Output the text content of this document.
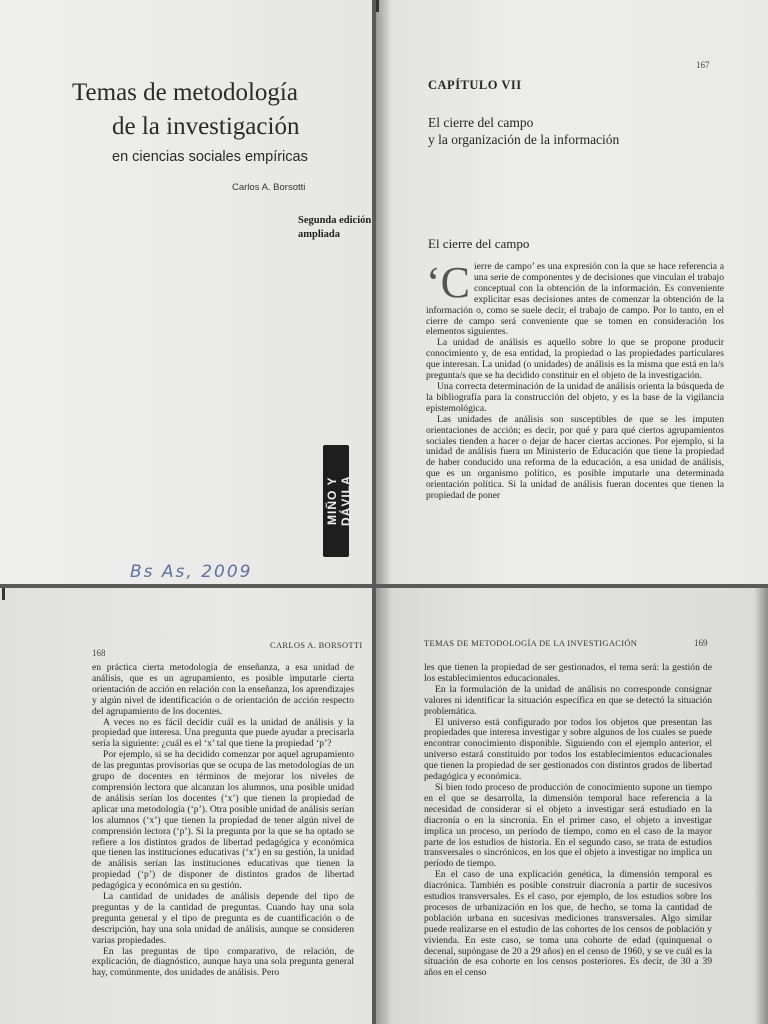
Temas de metodología
de la investigación
en ciencias sociales empíricas
Carlos A. Borsotti
Segunda edición
ampliada
MIÑO Y DÁVILA
Bs As, 2009
167
CAPÍTULO VII
El cierre del campo
y la organización de la información
El cierre del campo

‘Cierre de campo’ es una expresión con la que se hace referencia a una serie de componentes y de decisiones que vinculan el trabajo conceptual con la obtención de la información. Es conveniente explicitar esas decisiones antes de comenzar la obtención de la información o, como se suele decir, el trabajo de campo. Por lo tanto, en el cierre de campo será conveniente que se tomen en consideración los elementos siguientes.

La unidad de análisis es aquello sobre lo que se propone producir conocimiento y, de esa entidad, la propiedad o las propiedades particulares que interesan. La unidad (o unidades) de análisis es la misma que está en la/s pregunta/s que se ha decidido constituir en el objeto de la investigación.

Una correcta determinación de la unidad de análisis orienta la búsqueda de la bibliografía para la construcción del objeto, y es la base de la vigilancia epistemológica.

Las unidades de análisis son susceptibles de que se les imputen orientaciones de acción; es decir, por qué y para qué ciertos agrupamientos sociales tienden a hacer o dejar de hacer ciertas acciones. Por ejemplo, si la unidad de análisis fuera un Ministerio de Educación que tiene la propiedad de haber conducido una reforma de la educación, a esa unidad de análisis, que es un organismo político, es posible imputarle una determinada orientación política. Si la unidad de análisis fueran docentes que tienen la propiedad de poner

168
CARLOS A. BORSOTTI

en práctica cierta metodología de enseñanza, a esa unidad de análisis, que es un agrupamiento, es posible imputarle cierta orientación de acción en relación con la enseñanza, los aprendizajes y algún nivel de identificación o de orientación de acción respecto del agrupamiento de los docentes.

A veces no es fácil decidir cuál es la unidad de análisis y la propiedad que interesa. Una pregunta que puede ayudar a precisarla sería la siguiente: ¿cuál es el ‘x’ tal que tiene la propiedad ‘p’?

Por ejemplo, si se ha decidido comenzar por aquel agrupamiento de las preguntas provisorias que se ocupa de las metodologías de un grupo de docentes en términos de mejorar los niveles de comprensión lectora que alcanzan los alumnos, una posible unidad de análisis serían los docentes (‘x’) que tienen la propiedad de aplicar una metodología (‘p’). Otra posible unidad de análisis serían los alumnos (‘x’) que tienen la propiedad de tener algún nivel de comprensión lectora (‘p’). Si la pregunta por la que se ha optado se refiere a los distintos grados de libertad pedagógica y económica que tienen las instituciones educativas (‘x’) en su gestión, la unidad de análisis serían las instituciones educativas que tienen la propiedad (‘p’) de disponer de distintos grados de libertad pedagógica y económica en su gestión.

La cantidad de unidades de análisis depende del tipo de preguntas y de la cantidad de preguntas. Cuando hay una sola pregunta general y el tipo de pregunta es de cuantificación o de descripción, hay una sola unidad de análisis, aunque se consideren varias propiedades.

En las preguntas de tipo comparativo, de relación, de explicación, de diagnóstico, aunque haya una sola pregunta general hay, comúnmente, dos unidades de análisis. Pero

TEMAS DE METODOLOGÍA DE LA INVESTIGACIÓN	169

les que tienen la propiedad de ser gestionados, el tema será: la gestión de los establecimientos educacionales.

En la formulación de la unidad de análisis no corresponde consignar valores ni identificar la situación específica en que se detectó la situación problemática.

El universo está configurado por todos los objetos que presentan las propiedades que interesa investigar y sobre algunos de los cuales se puede encontrar conocimiento disponible. Siguiendo con el ejemplo anterior, el universo estará constituido por todos los establecimientos educacionales que tienen la propiedad de ser gestionados con distintos grados de libertad pedagógica y económica.

Si bien todo proceso de producción de conocimiento supone un tiempo en el que se desarrolla, la dimensión temporal hace referencia a la necesidad de considerar si el objeto a investigar será estudiado en la diacronía o en la sincronía. En el primer caso, el objeto a investigar implica un proceso, un período de tiempo, como en el caso de la mayor parte de los estudios de historia. En el segundo caso, se trata de estudios transversales o sincrónicos, en los que el objeto a investigar no implica un período de tiempo.

En el caso de una explicación genética, la dimensión temporal es diacrónica. También es posible construir diacronía a partir de sucesivos estudios transversales. Es el caso, por ejemplo, de los estudios sobre los procesos de urbanización en los que, de hecho, se toma la cantidad de población urbana en sucesivas mediciones transversales. Algo similar puede realizarse en el estudio de las cohortes de los censos de población y vivienda. En este caso, se toma una cohorte de edad (quinquenal o decenal, supóngase de 20 a 29 años) en el censo de 1960, y se ve cuál es la situación de esa cohorte en los censos posteriores. Es decir, de 30 a 39 años en el censo
